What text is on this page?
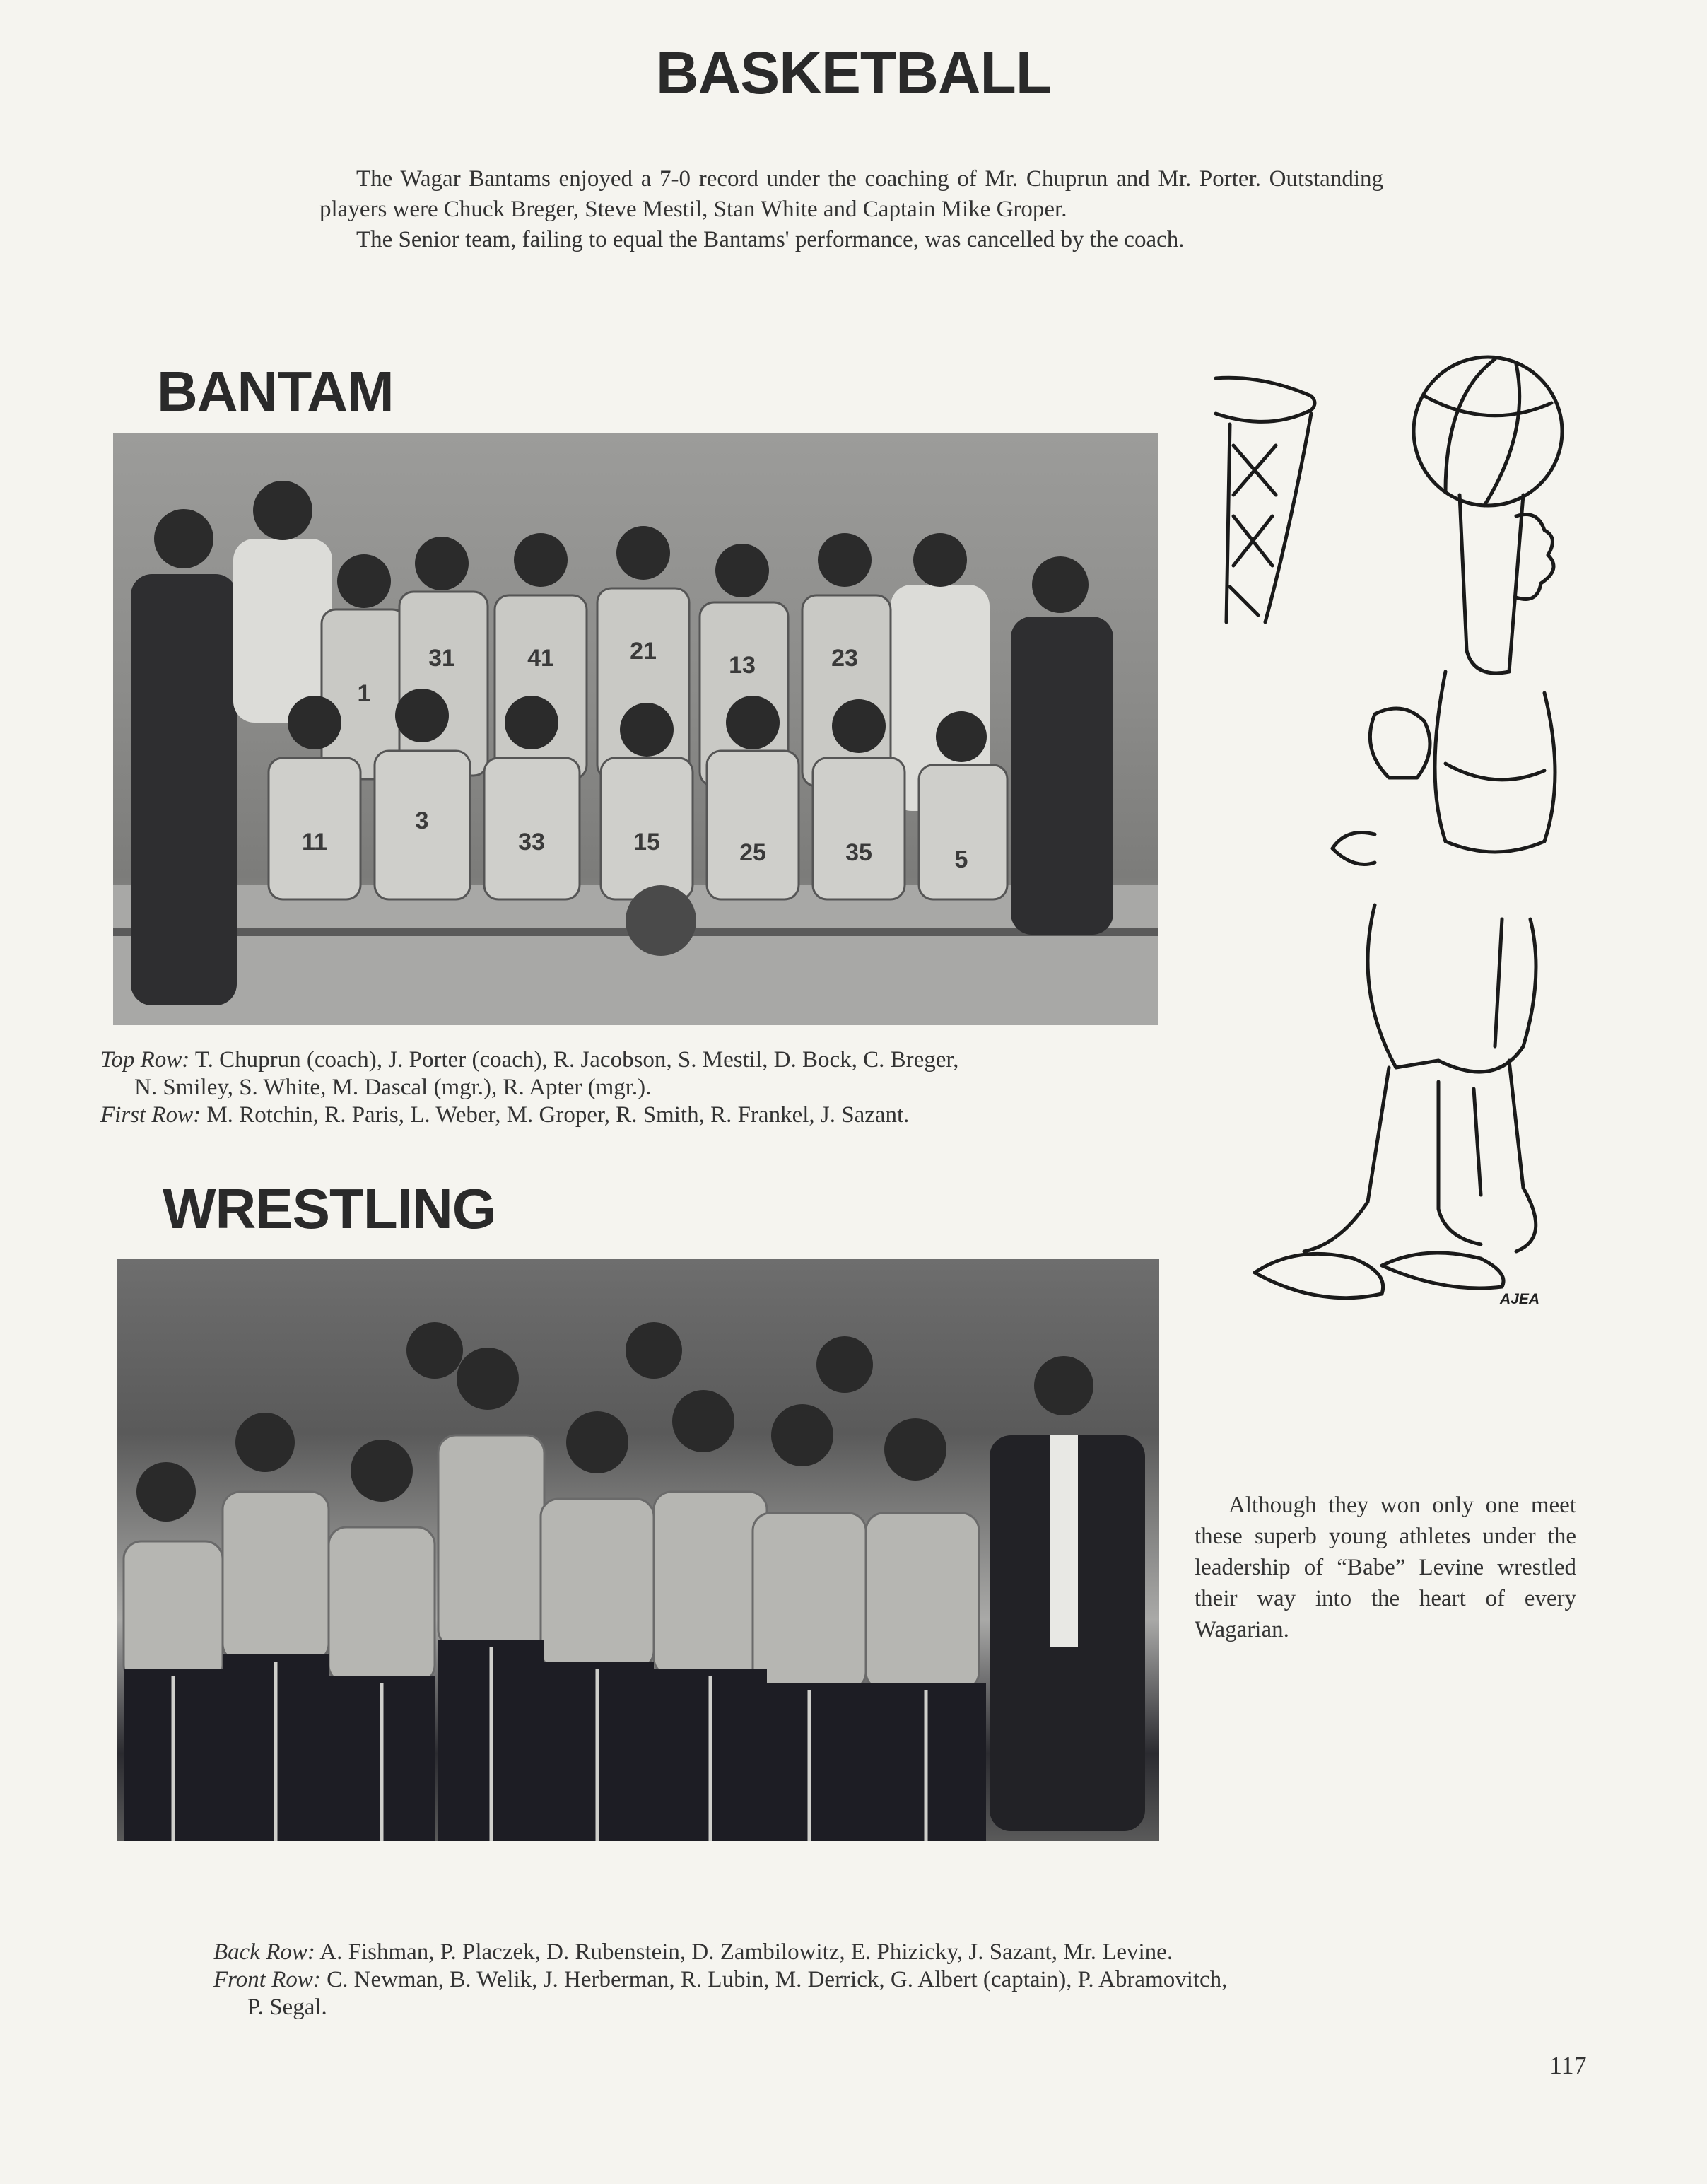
BASKETBALL

The Wagar Bantams enjoyed a 7-0 record under the coaching of Mr. Chuprun and Mr. Porter. Outstanding players were Chuck Breger, Steve Mestil, Stan White and Captain Mike Groper.

The Senior team, failing to equal the Bantams' performance, was cancelled by the coach.

BANTAM
1
31	41	21
13	23
11
3
33	15	25	35	5
Top Row: T. Chuprun (coach), J. Porter (coach), R. Jacobson, S. Mestil, D. Bock, C. Breger,
N. Smiley, S. White, M. Dascal (mgr.), R. Apter (mgr.).
First Row: M. Rotchin, R. Paris, L. Weber, M. Groper, R. Smith, R. Frankel, J. Sazant.
WRESTLING

Although they won only one meet these superb young athletes under the leadership of “Babe” Levine wrestled their way into the heart of every Wagarian.

Back Row: A. Fishman, P. Placzek, D. Rubenstein, D. Zambilowitz, E. Phizicky, J. Sazant, Mr. Levine.
Front Row: C. Newman, B. Welik, J. Herberman, R. Lubin, M. Derrick, G. Albert (captain), P. Abramovitch,
P. Segal.
AJEA
117
